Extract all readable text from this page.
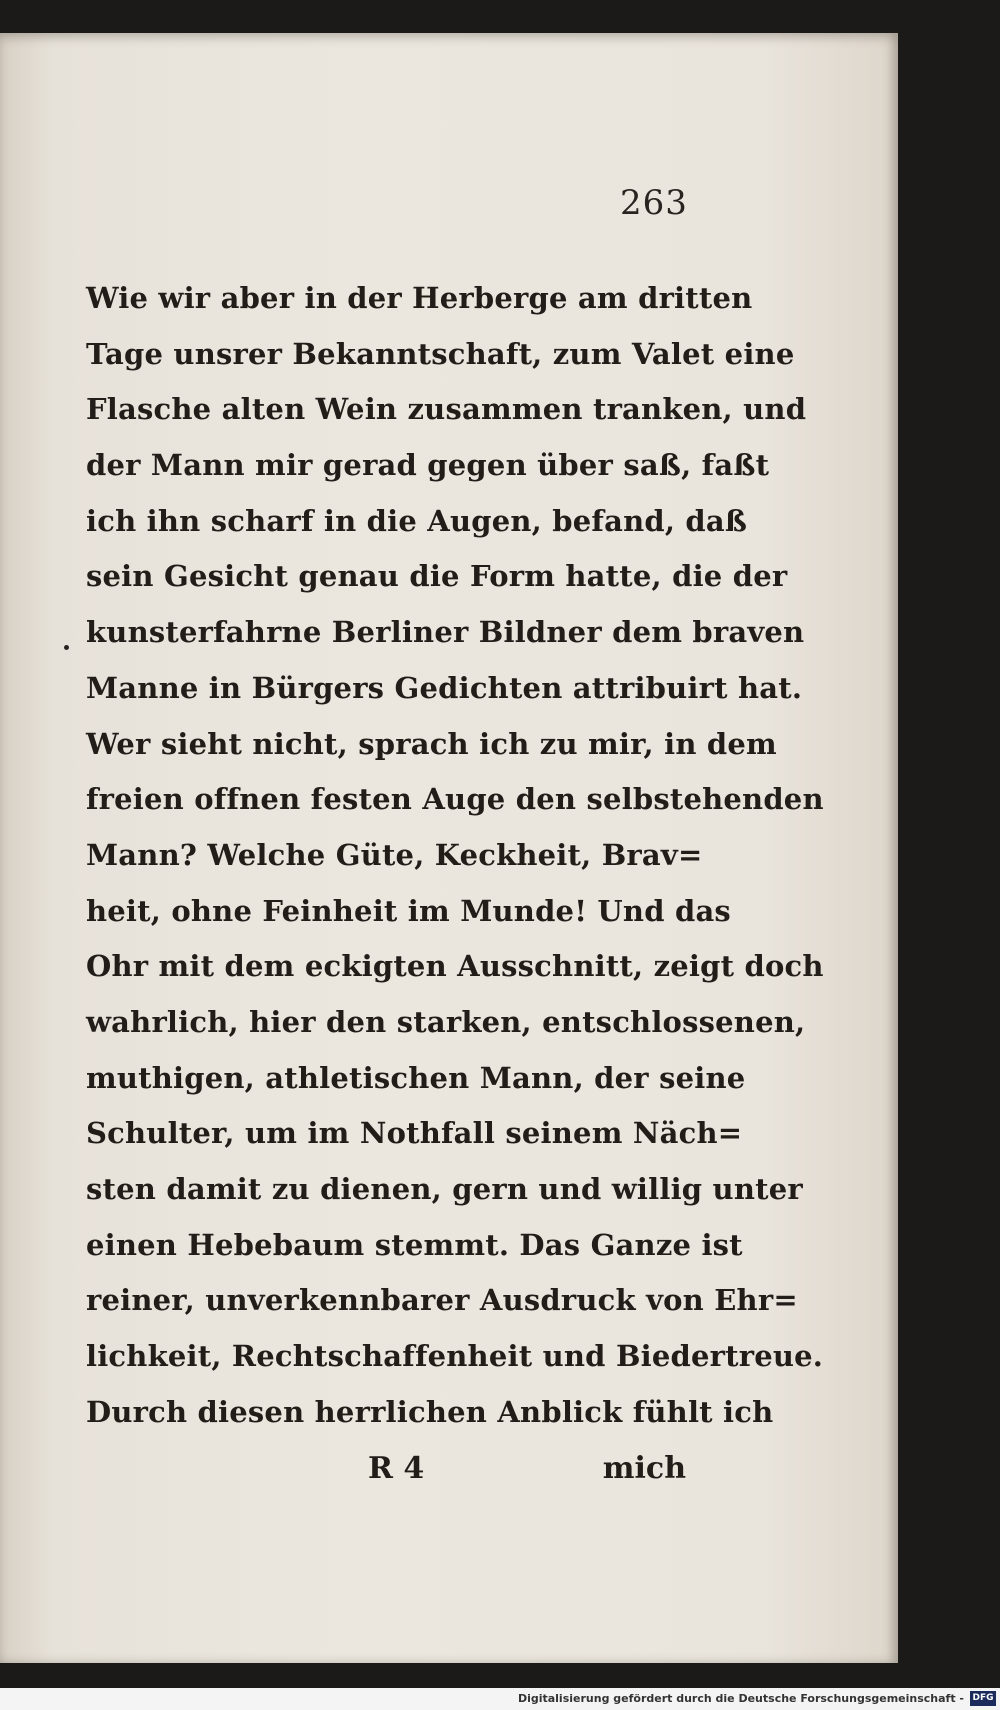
263
Wie wir aber in der Herberge am dritten
Tage unsrer Bekanntschaft, zum Valet eine
Flasche alten Wein zusammen tranken, und
der Mann mir gerad gegen über saß, faßt
ich ihn scharf in die Augen, befand, daß
sein Gesicht genau die Form hatte, die der
kunsterfahrne Berliner Bildner dem braven
Manne in Bürgers Gedichten attribuirt hat.
Wer sieht nicht, sprach ich zu mir, in dem
freien offnen festen Auge den selbstehenden
Mann? Welche Güte, Keckheit, Brav=
heit, ohne Feinheit im Munde! Und das
Ohr mit dem eckigten Ausschnitt, zeigt doch
wahrlich, hier den starken, entschlossenen,
muthigen, athletischen Mann, der seine
Schulter, um im Nothfall seinem Näch=
sten damit zu dienen, gern und willig unter
einen Hebebaum stemmt. Das Ganze ist
reiner, unverkennbarer Ausdruck von Ehr=
lichkeit, Rechtschaffenheit und Biedertreue.
Durch diesen herrlichen Anblick fühlt ich
R 4	mich
Digitalisierung gefördert durch die Deutsche Forschungsgemeinschaft - DFG
